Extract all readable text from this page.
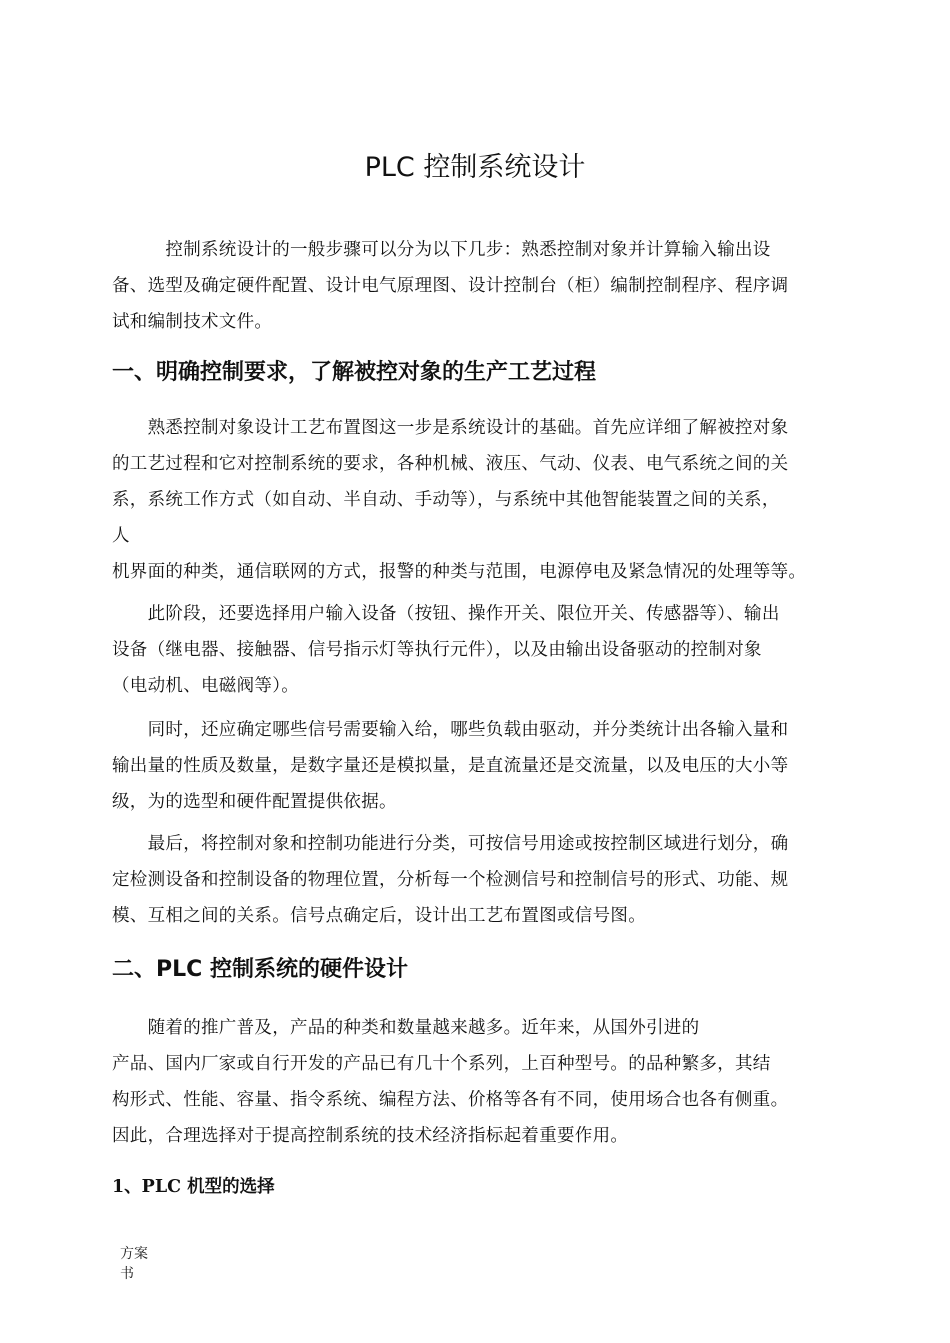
PLC 控制系统设计
　　　控制系统设计的一般步骤可以分为以下几步：熟悉控制对象并计算输入输出设
备、选型及确定硬件配置、设计电气原理图、设计控制台（柜）编制控制程序、程序调
试和编制技术文件。
一、明确控制要求，了解被控对象的生产工艺过程
　　熟悉控制对象设计工艺布置图这一步是系统设计的基础。首先应详细了解被控对象
的工艺过程和它对控制系统的要求，各种机械、液压、气动、仪表、电气系统之间的关
系，系统工作方式（如自动、半自动、手动等），与系统中其他智能装置之间的关系，
人
机界面的种类，通信联网的方式，报警的种类与范围，电源停电及紧急情况的处理等等。
　　此阶段，还要选择用户输入设备（按钮、操作开关、限位开关、传感器等）、输出
设备（继电器、接触器、信号指示灯等执行元件），以及由输出设备驱动的控制对象
（电动机、电磁阀等）。
　　同时，还应确定哪些信号需要输入给，哪些负载由驱动，并分类统计出各输入量和
输出量的性质及数量，是数字量还是模拟量，是直流量还是交流量，以及电压的大小等
级，为的选型和硬件配置提供依据。
　　最后，将控制对象和控制功能进行分类，可按信号用途或按控制区域进行划分，确
定检测设备和控制设备的物理位置，分析每一个检测信号和控制信号的形式、功能、规
模、互相之间的关系。信号点确定后，设计出工艺布置图或信号图。
二、PLC 控制系统的硬件设计
　　随着的推广普及，产品的种类和数量越来越多。近年来，从国外引进的
产品、国内厂家或自行开发的产品已有几十个系列，上百种型号。的品种繁多，其结
构形式、性能、容量、指令系统、编程方法、价格等各有不同，使用场合也各有侧重。
因此，合理选择对于提高控制系统的技术经济指标起着重要作用。
1、PLC 机型的选择
方案
书
